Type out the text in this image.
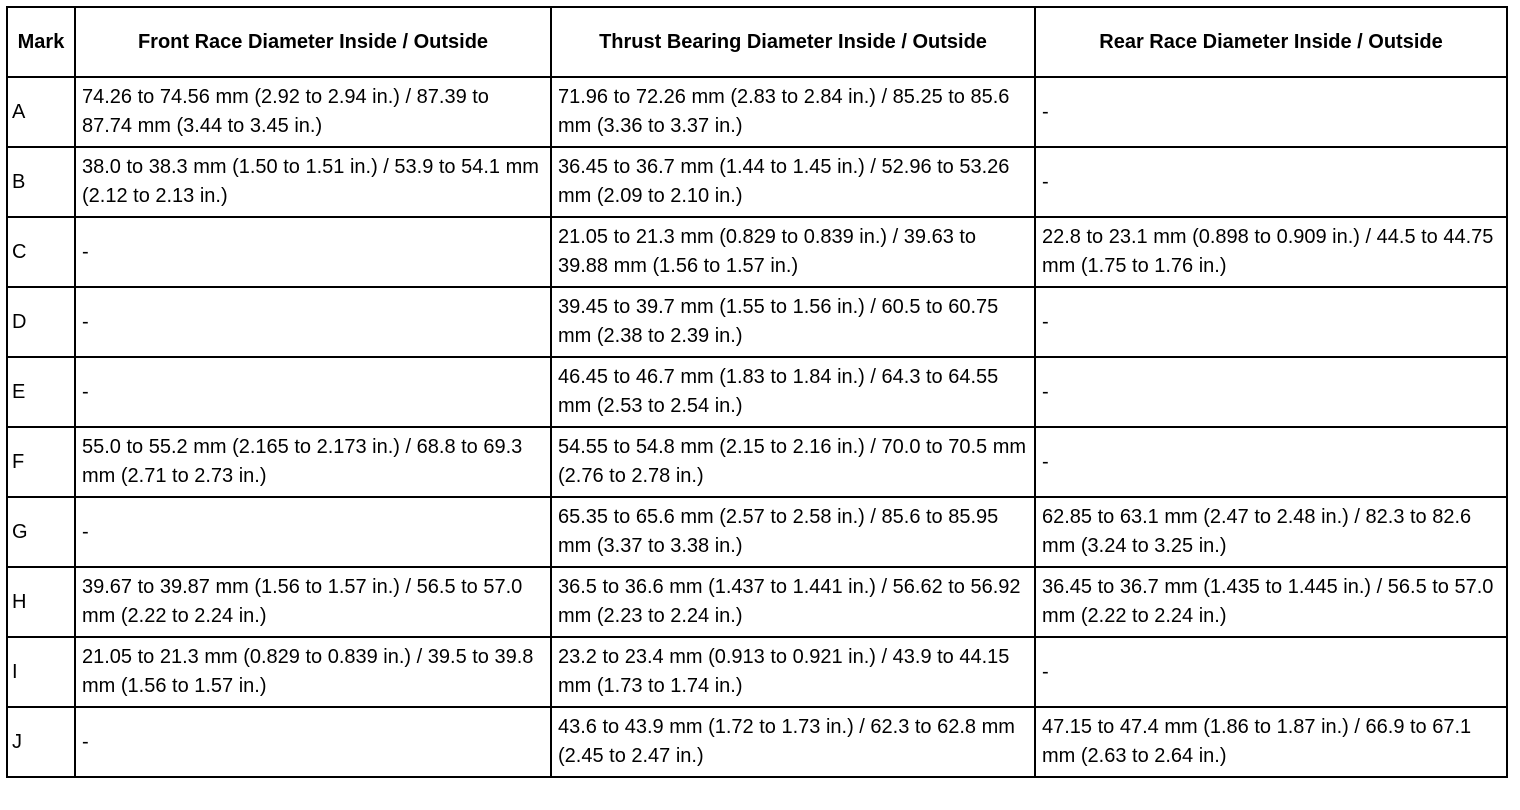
Mark	Front Race Diameter Inside / Outside	Thrust Bearing Diameter Inside / Outside	Rear Race Diameter Inside / Outside
A	74.26 to 74.56 mm (2.92 to 2.94 in.) / 87.39 to 87.74 mm (3.44 to 3.45 in.)	71.96 to 72.26 mm (2.83 to 2.84 in.) / 85.25 to 85.6 mm (3.36 to 3.37 in.)	-
B	38.0 to 38.3 mm (1.50 to 1.51 in.) / 53.9 to 54.1 mm (2.12 to 2.13 in.)	36.45 to 36.7 mm (1.44 to 1.45 in.) / 52.96 to 53.26 mm (2.09 to 2.10 in.)	-
C	-	21.05 to 21.3 mm (0.829 to 0.839 in.) / 39.63 to 39.88 mm (1.56 to 1.57 in.)	22.8 to 23.1 mm (0.898 to 0.909 in.) / 44.5 to 44.75 mm (1.75 to 1.76 in.)
D	-	39.45 to 39.7 mm (1.55 to 1.56 in.) / 60.5 to 60.75 mm (2.38 to 2.39 in.)	-
E	-	46.45 to 46.7 mm (1.83 to 1.84 in.) / 64.3 to 64.55 mm (2.53 to 2.54 in.)	-
F	55.0 to 55.2 mm (2.165 to 2.173 in.) / 68.8 to 69.3 mm (2.71 to 2.73 in.)	54.55 to 54.8 mm (2.15 to 2.16 in.) / 70.0 to 70.5 mm (2.76 to 2.78 in.)	-
G	-	65.35 to 65.6 mm (2.57 to 2.58 in.) / 85.6 to 85.95 mm (3.37 to 3.38 in.)	62.85 to 63.1 mm (2.47 to 2.48 in.) / 82.3 to 82.6 mm (3.24 to 3.25 in.)
H	39.67 to 39.87 mm (1.56 to 1.57 in.) / 56.5 to 57.0 mm (2.22 to 2.24 in.)	36.5 to 36.6 mm (1.437 to 1.441 in.) / 56.62 to 56.92 mm (2.23 to 2.24 in.)	36.45 to 36.7 mm (1.435 to 1.445 in.) / 56.5 to 57.0 mm (2.22 to 2.24 in.)
I	21.05 to 21.3 mm (0.829 to 0.839 in.) / 39.5 to 39.8 mm (1.56 to 1.57 in.)	23.2 to 23.4 mm (0.913 to 0.921 in.) / 43.9 to 44.15 mm (1.73 to 1.74 in.)	-
J	-	43.6 to 43.9 mm (1.72 to 1.73 in.) / 62.3 to 62.8 mm (2.45 to 2.47 in.)	47.15 to 47.4 mm (1.86 to 1.87 in.) / 66.9 to 67.1 mm (2.63 to 2.64 in.)
